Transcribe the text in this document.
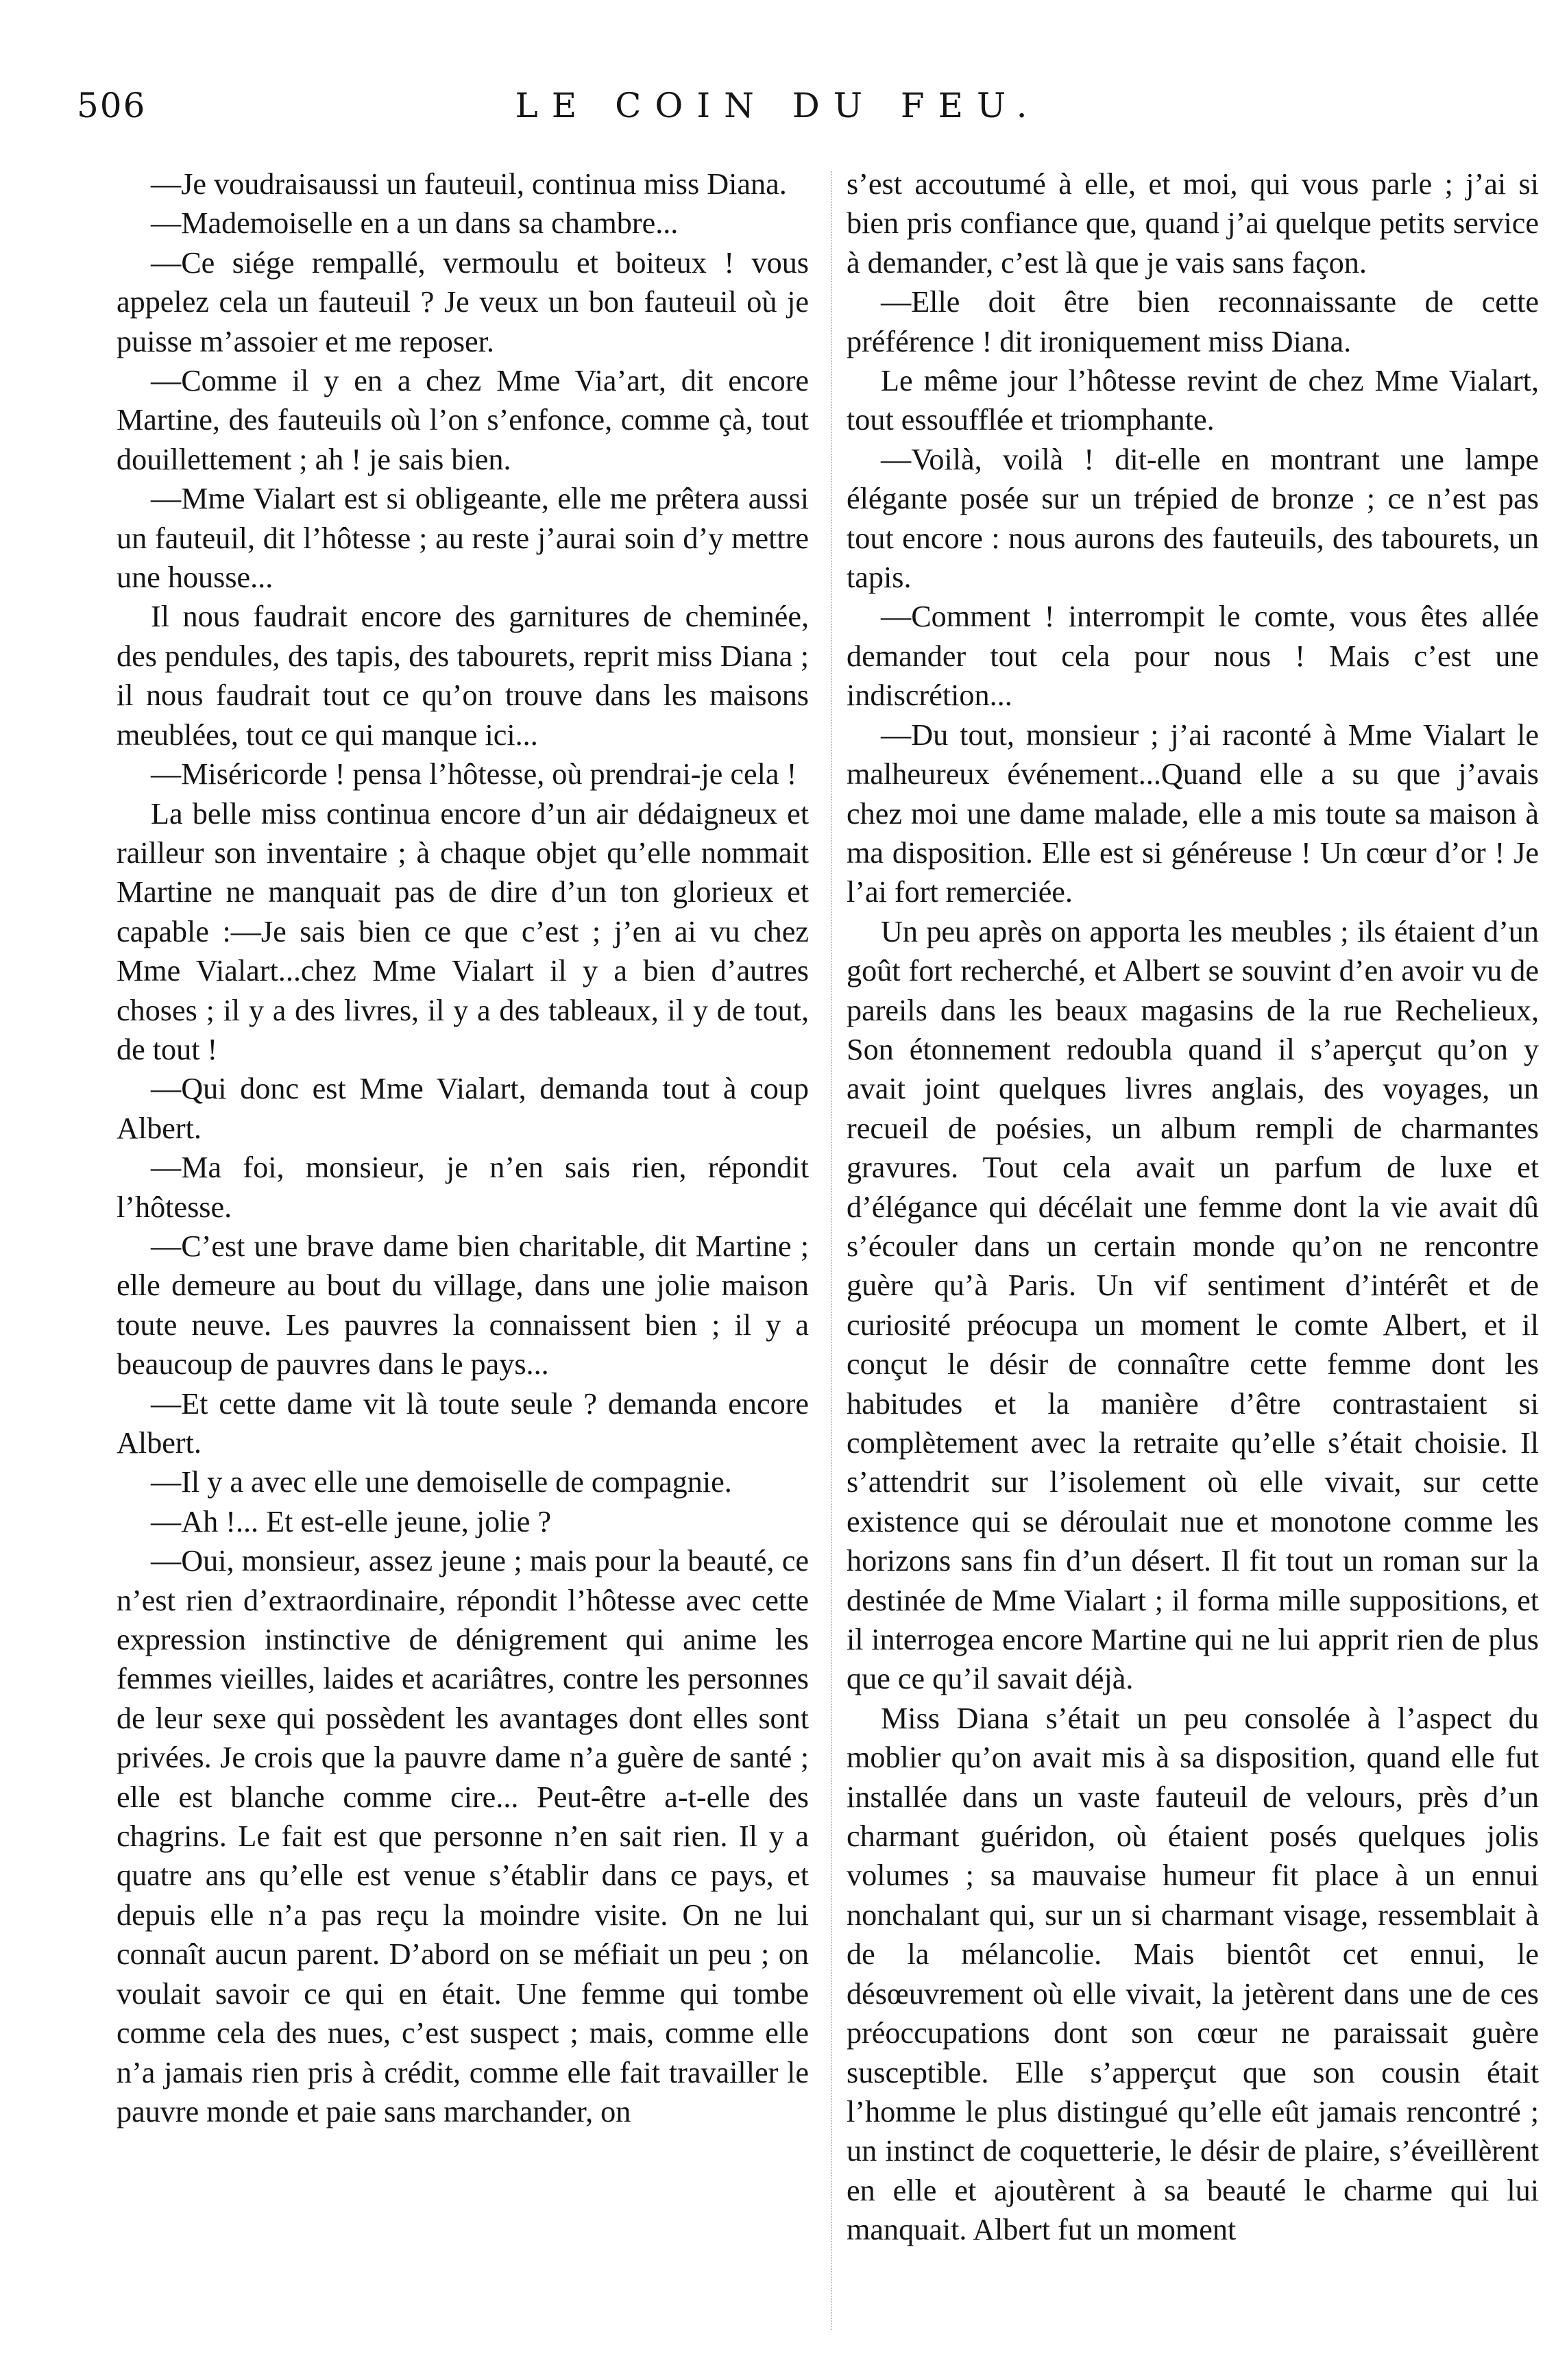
506	LE COIN DU FEU.

—Je voudraisaussi un fauteuil, continua miss Diana.

—Mademoiselle en a un dans sa chambre...

—Ce siége rempallé, vermoulu et boiteux ! vous appelez cela un fauteuil ? Je veux un bon fauteuil où je puisse m’assoier et me reposer.

—Comme il y en a chez Mme Via’art, dit encore Martine, des fauteuils où l’on s’enfonce, comme çà, tout douillettement ; ah ! je sais bien.

—Mme Vialart est si obligeante, elle me prêtera aussi un fauteuil, dit l’hôtesse ; au reste j’aurai soin d’y mettre une housse...

Il nous faudrait encore des garnitures de cheminée, des pendules, des tapis, des tabourets, reprit miss Diana ; il nous faudrait tout ce qu’on trouve dans les maisons meublées, tout ce qui manque ici...

—Miséricorde ! pensa l’hôtesse, où prendrai-je cela !

La belle miss continua encore d’un air dédaigneux et railleur son inventaire ; à chaque objet qu’elle nommait Martine ne manquait pas de dire d’un ton glorieux et capable :—Je sais bien ce que c’est ; j’en ai vu chez Mme Vialart...chez Mme Vialart il y a bien d’autres choses ; il y a des livres, il y a des tableaux, il y de tout, de tout !

—Qui donc est Mme Vialart, demanda tout à coup Albert.

—Ma foi, monsieur, je n’en sais rien, répondit l’hôtesse.

—C’est une brave dame bien charitable, dit Martine ; elle demeure au bout du village, dans une jolie maison toute neuve. Les pauvres la connaissent bien ; il y a beaucoup de pauvres dans le pays...

—Et cette dame vit là toute seule ? demanda encore Albert.

—Il y a avec elle une demoiselle de compagnie.

—Ah !... Et est-elle jeune, jolie ?

—Oui, monsieur, assez jeune ; mais pour la beauté, ce n’est rien d’extraordinaire, répondit l’hôtesse avec cette expression instinctive de dénigrement qui anime les femmes vieilles, laides et acariâtres, contre les personnes de leur sexe qui possèdent les avantages dont elles sont privées. Je crois que la pauvre dame n’a guère de santé ; elle est blanche comme cire... Peut-être a-t-elle des chagrins. Le fait est que personne n’en sait rien. Il y a quatre ans qu’elle est venue s’établir dans ce pays, et depuis elle n’a pas reçu la moindre visite. On ne lui connaît aucun parent. D’abord on se méfiait un peu ; on voulait savoir ce qui en était. Une femme qui tombe comme cela des nues, c’est suspect ; mais, comme elle n’a jamais rien pris à crédit, comme elle fait travailler le pauvre monde et paie sans marchander, on

s’est accoutumé à elle, et moi, qui vous parle ; j’ai si bien pris confiance que, quand j’ai quelque petits service à demander, c’est là que je vais sans façon.

—Elle doit être bien reconnaissante de cette préférence ! dit ironiquement miss Diana.

Le même jour l’hôtesse revint de chez Mme Vialart, tout essoufflée et triomphante.

—Voilà, voilà ! dit-elle en montrant une lampe élégante posée sur un trépied de bronze ; ce n’est pas tout encore : nous aurons des fauteuils, des tabourets, un tapis.

—Comment ! interrompit le comte, vous êtes allée demander tout cela pour nous ! Mais c’est une indiscrétion...

—Du tout, monsieur ; j’ai raconté à Mme Vialart le malheureux événement...Quand elle a su que j’avais chez moi une dame malade, elle a mis toute sa maison à ma disposition. Elle est si généreuse ! Un cœur d’or ! Je l’ai fort remerciée.

Un peu après on apporta les meubles ; ils étaient d’un goût fort recherché, et Albert se souvint d’en avoir vu de pareils dans les beaux magasins de la rue Rechelieux, Son étonnement redoubla quand il s’aperçut qu’on y avait joint quelques livres anglais, des voyages, un recueil de poésies, un album rempli de charmantes gravures. Tout cela avait un parfum de luxe et d’élégance qui décélait une femme dont la vie avait dû s’écouler dans un certain monde qu’on ne rencontre guère qu’à Paris. Un vif sentiment d’intérêt et de curiosité préocupa un moment le comte Albert, et il conçut le désir de connaître cette femme dont les habitudes et la manière d’être contrastaient si complètement avec la retraite qu’elle s’était choisie. Il s’attendrit sur l’isolement où elle vivait, sur cette existence qui se déroulait nue et monotone comme les horizons sans fin d’un désert. Il fit tout un roman sur la destinée de Mme Vialart ; il forma mille suppositions, et il interrogea encore Martine qui ne lui apprit rien de plus que ce qu’il savait déjà.

Miss Diana s’était un peu consolée à l’aspect du moblier qu’on avait mis à sa disposition, quand elle fut installée dans un vaste fauteuil de velours, près d’un charmant guéridon, où étaient posés quelques jolis volumes ; sa mauvaise humeur fit place à un ennui nonchalant qui, sur un si charmant visage, ressemblait à de la mélancolie. Mais bientôt cet ennui, le désœuvrement où elle vivait, la jetèrent dans une de ces préoccupations dont son cœur ne paraissait guère susceptible. Elle s’apperçut que son cousin était l’homme le plus distingué qu’elle eût jamais rencontré ; un instinct de coquetterie, le désir de plaire, s’éveillèrent en elle et ajoutèrent à sa beauté le charme qui lui manquait. Albert fut un moment
